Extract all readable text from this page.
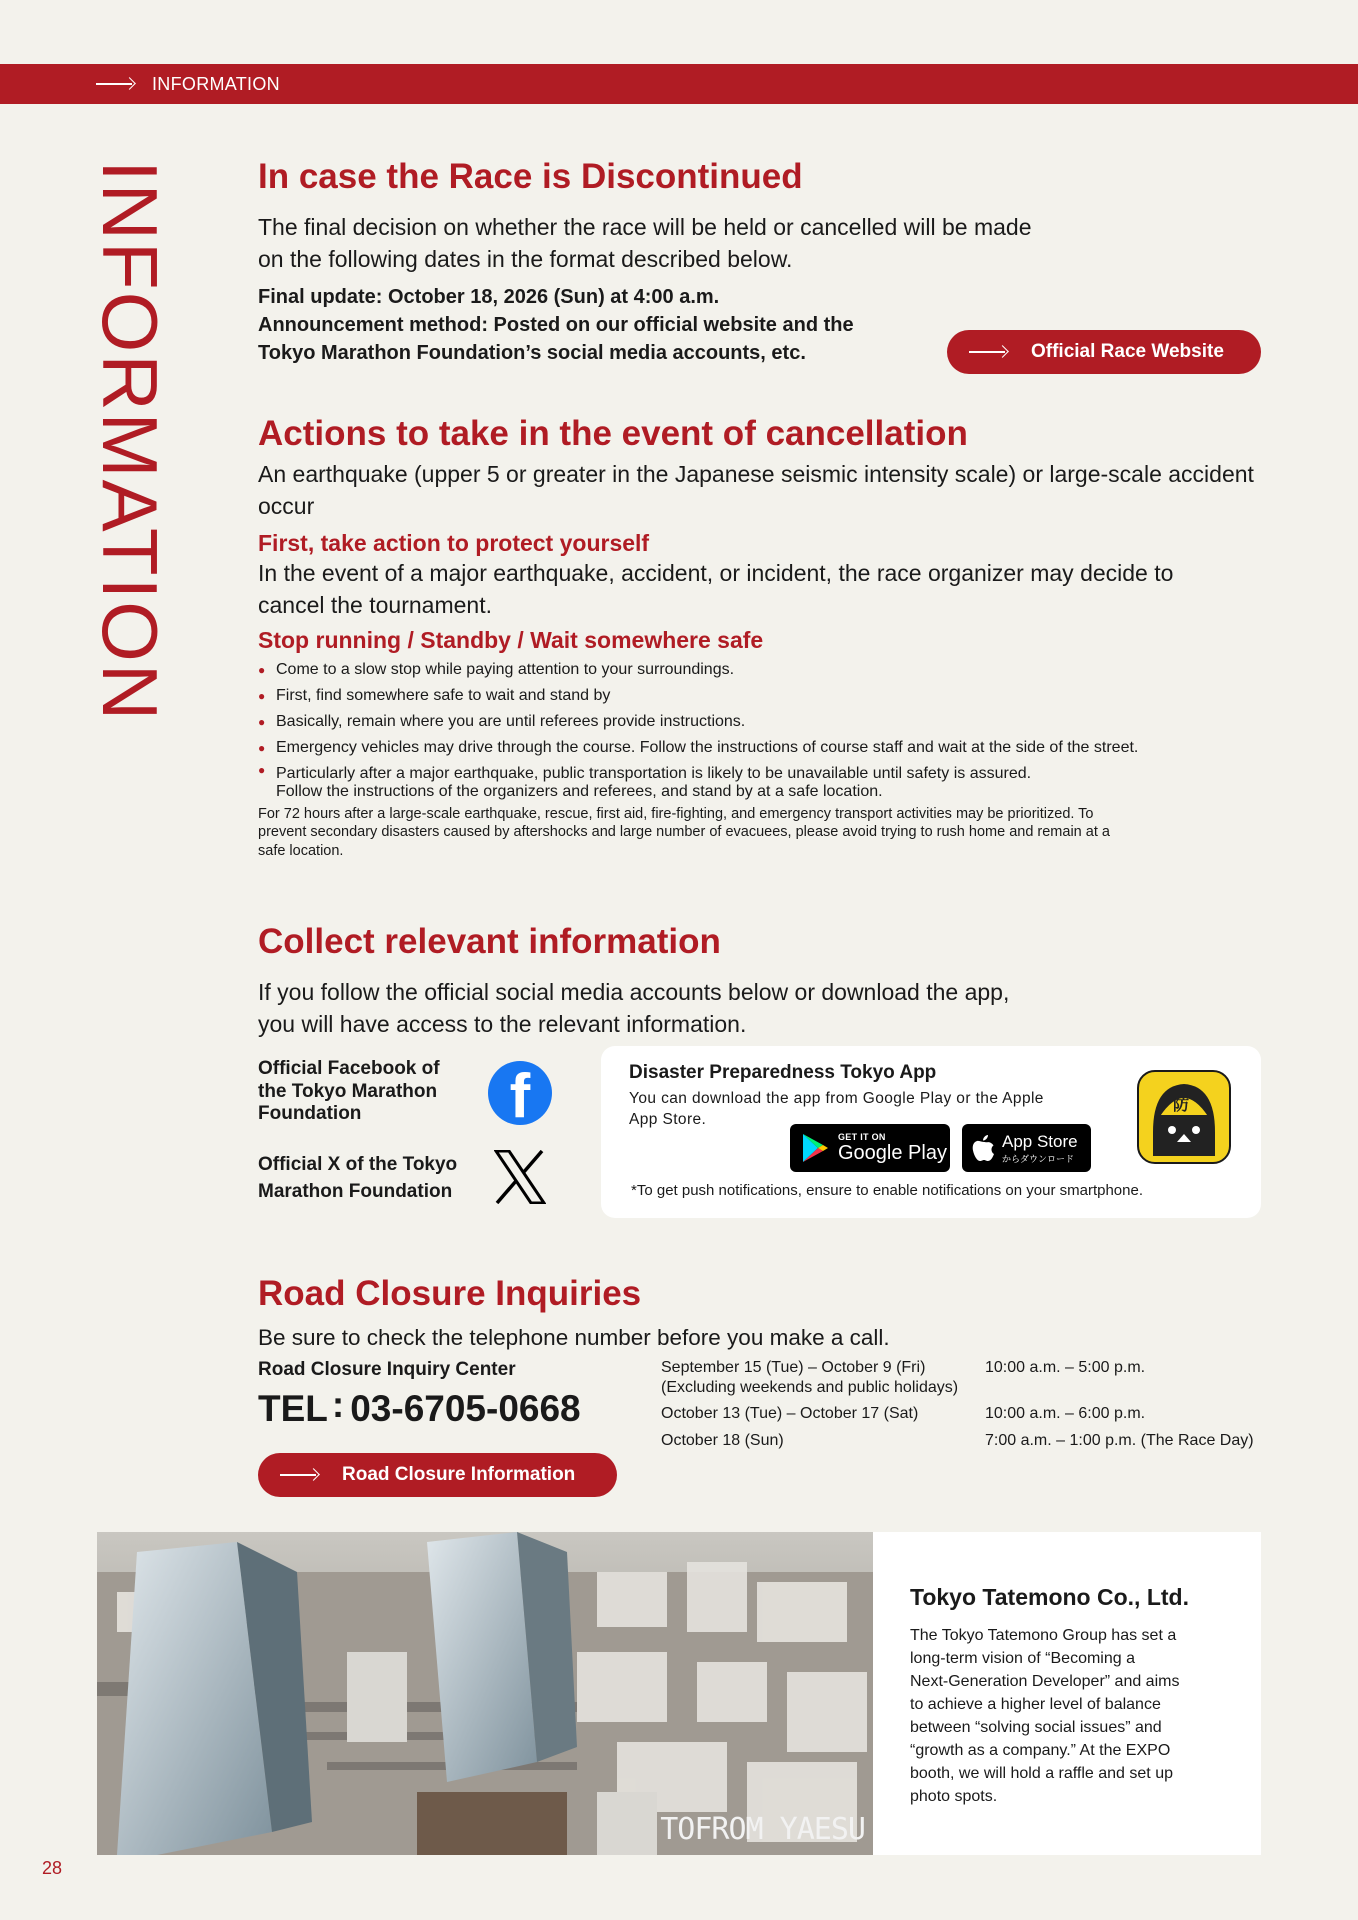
INFORMATION
INFORMATION In case the Race is Discontinued
The final decision on whether the race will be held or cancelled will be made
on the following dates in the format described below.
Final update: October 18, 2026 (Sun) at 4:00 a.m.
Announcement method: Posted on our official website and the
Tokyo Marathon Foundation’s social media accounts, etc.	Official Race Website
Actions to take in the event of cancellation
An earthquake (upper 5 or greater in the Japanese seismic intensity scale) or large-scale accident
occur
First, take action to protect yourself
In the event of a major earthquake, accident, or incident, the race organizer may decide to
cancel the tournament.
Stop running / Standby / Wait somewhere safe
● Come to a slow stop while paying attention to your surroundings.
● First, find somewhere safe to wait and stand by
● Basically, remain where you are until referees provide instructions.
● Emergency vehicles may drive through the course. Follow the instructions of course staff and wait at the side of the street.
● Particularly after a major earthquake, public transportation is likely to be unavailable until safety is assured.
Follow the instructions of the organizers and referees, and stand by at a safe location.
For 72 hours after a large-scale earthquake, rescue, first aid, fire-fighting, and emergency transport activities may be prioritized. To
prevent secondary disasters caused by aftershocks and large number of evacuees, please avoid trying to rush home and remain at a
safe location.
Collect relevant information
If you follow the official social media accounts below or download the app,
you will have access to the relevant information.
Official Facebook of
the Tokyo Marathon
Foundation	f
Official X of the Tokyo
Marathon Foundation
Disaster Preparedness Tokyo App
You can download the app from Google Play or the Apple
App Store.
GET IT ON
Google Play
App Store
からダウンロード
防
*To get push notifications, ensure to enable notifications on your smartphone.
Road Closure Inquiries
Be sure to check the telephone number before you make a call.
Road Closure Inquiry Center
TEL : 03-6705-0668
Road Closure Information
September 15 (Tue) – October 9 (Fri)
(Excluding weekends and public holidays)	10:00 a.m. – 5:00 p.m.
October 13 (Tue) – October 17 (Sat)	10:00 a.m. – 6:00 p.m.
October 18 (Sun)	7:00 a.m. – 1:00 p.m. (The Race Day)
TOFROM YAESU
Tokyo Tatemono Co., Ltd.
The Tokyo Tatemono Group has set a
long-term vision of “Becoming a
Next-Generation Developer” and aims
to achieve a higher level of balance
between “solving social issues” and
“growth as a company.” At the EXPO
booth, we will hold a raffle and set up
photo spots.
28
